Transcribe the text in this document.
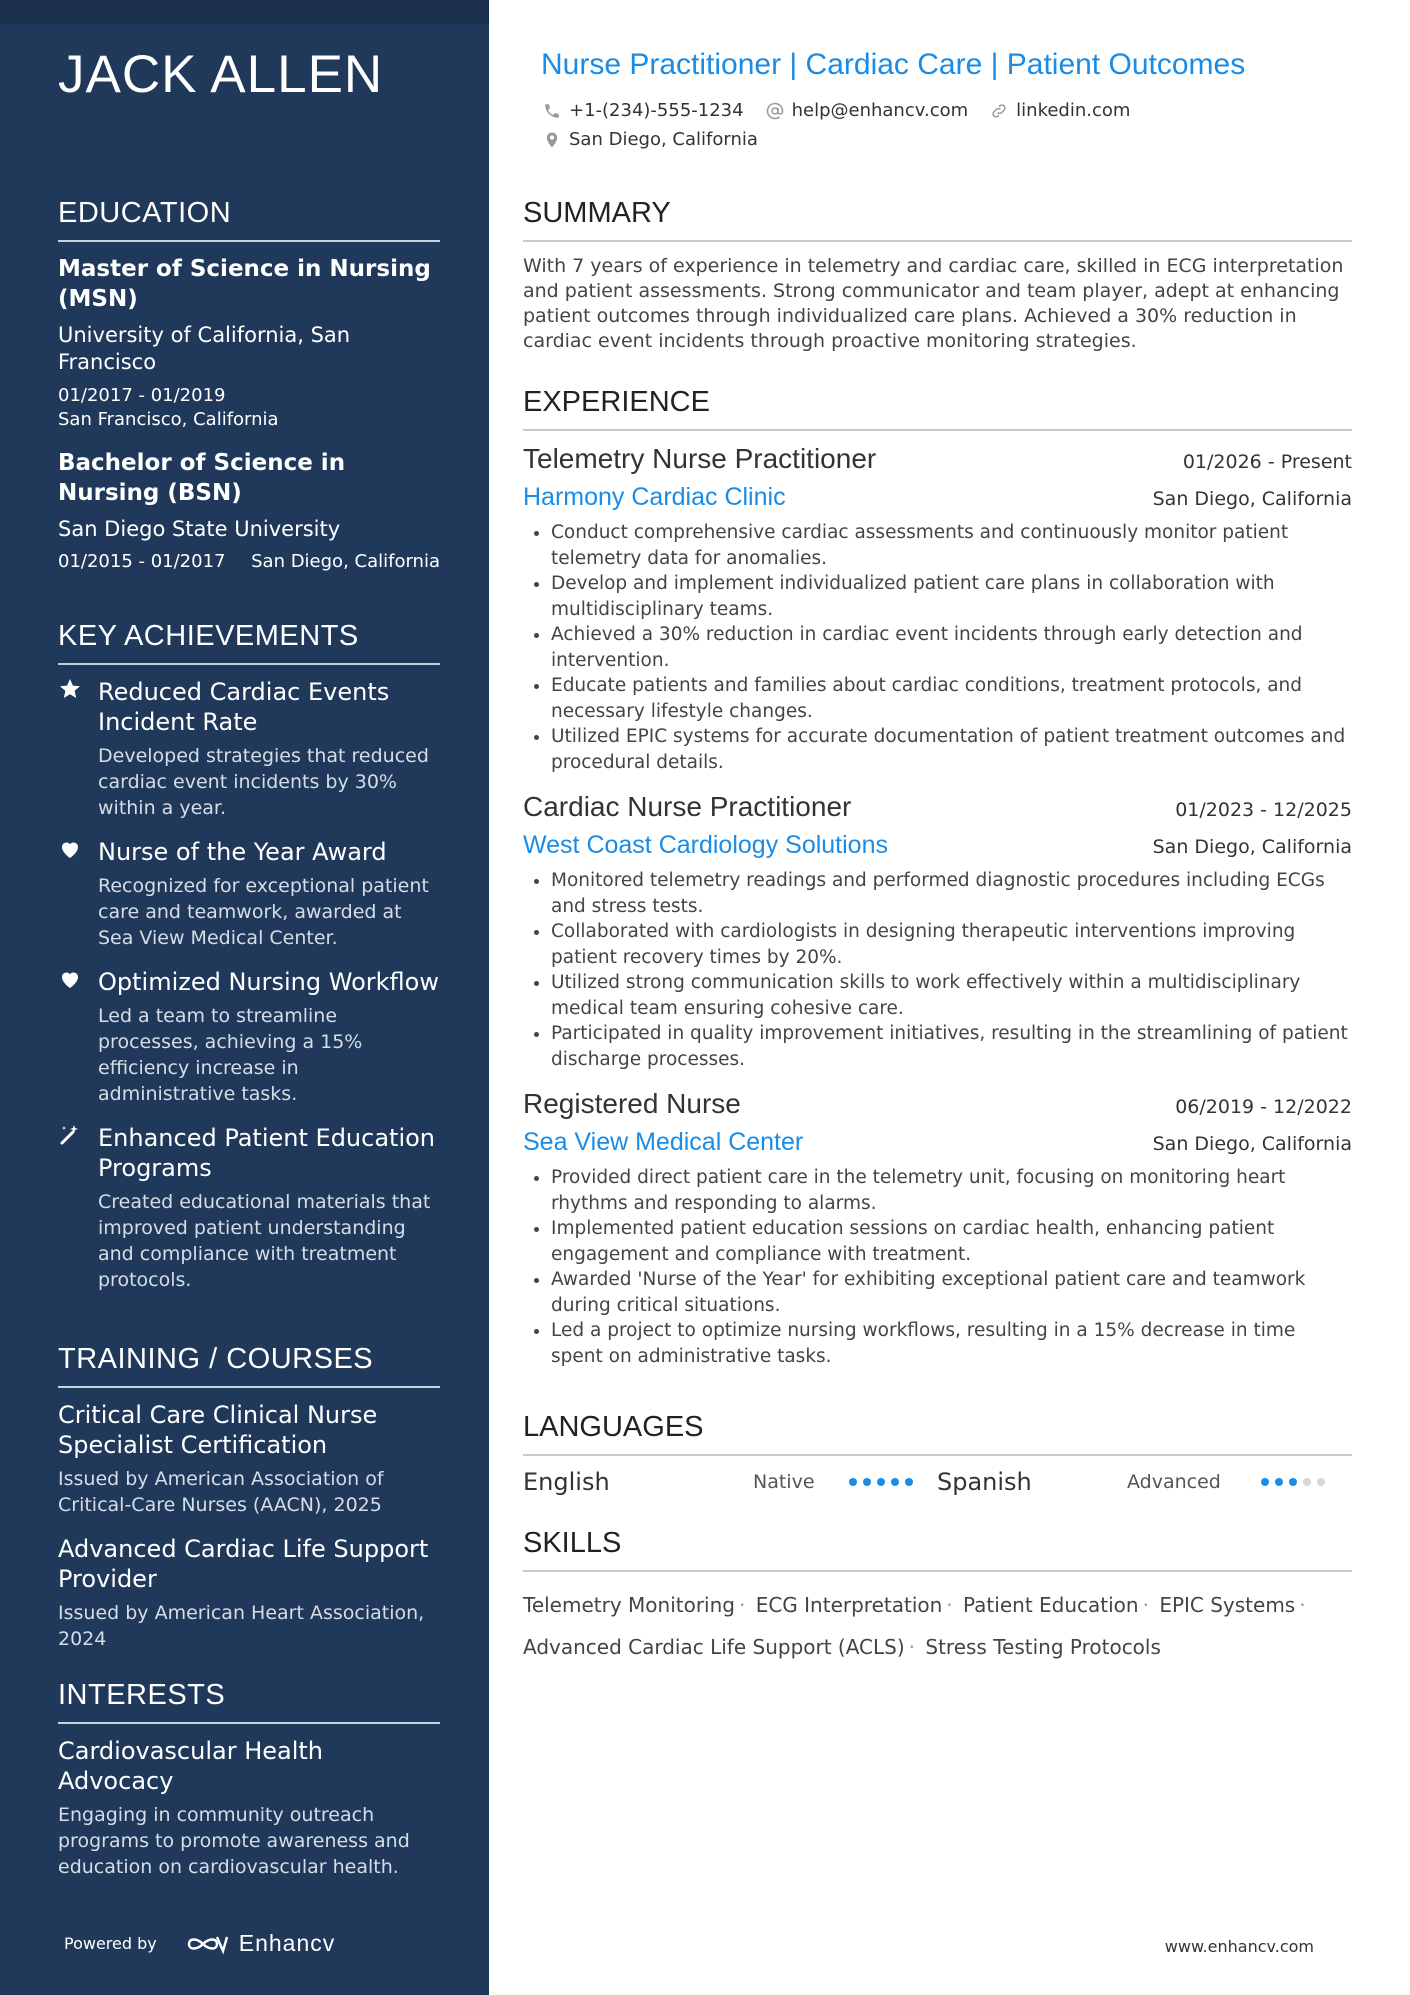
JACK ALLEN
EDUCATION
Master of Science in Nursing (MSN)
University of California, San Francisco
01/2017 - 01/2019
San Francisco, California
Bachelor of Science in Nursing (BSN)
San Diego State University
01/2015 - 01/2017 San Diego, California
KEY ACHIEVEMENTS
Reduced Cardiac Events Incident Rate
Developed strategies that reduced cardiac event incidents by 30% within a year.
Nurse of the Year Award
Recognized for exceptional patient care and teamwork, awarded at Sea View Medical Center.
Optimized Nursing Workflow
Led a team to streamline processes, achieving a 15% efficiency increase in administrative tasks.
Enhanced Patient Education Programs
Created educational materials that improved patient understanding and compliance with treatment protocols.
TRAINING / COURSES
Critical Care Clinical Nurse Specialist Certification
Issued by American Association of Critical-Care Nurses (AACN), 2025
Advanced Cardiac Life Support Provider
Issued by American Heart Association, 2024
INTERESTS
Cardiovascular Health Advocacy
Engaging in community outreach programs to promote awareness and education on cardiovascular health.
Powered by	Enhancv
Nurse Practitioner | Cardiac Care | Patient Outcomes
+1-(234)-555-1234	help@enhancv.com	linkedin.com
San Diego, California
SUMMARY
With 7 years of experience in telemetry and cardiac care, skilled in ECG interpretation and patient assessments. Strong communicator and team player, adept at enhancing patient outcomes through individualized care plans. Achieved a 30% reduction in cardiac event incidents through proactive monitoring strategies.
EXPERIENCE
Telemetry Nurse Practitioner	01/2026 - Present
Harmony Cardiac Clinic	San Diego, California
• Conduct comprehensive cardiac assessments and continuously monitor patient telemetry data for anomalies.
• Develop and implement individualized patient care plans in collaboration with multidisciplinary teams.
• Achieved a 30% reduction in cardiac event incidents through early detection and intervention.
• Educate patients and families about cardiac conditions, treatment protocols, and necessary lifestyle changes.
• Utilized EPIC systems for accurate documentation of patient treatment outcomes and procedural details.
Cardiac Nurse Practitioner	01/2023 - 12/2025
West Coast Cardiology Solutions	San Diego, California
• Monitored telemetry readings and performed diagnostic procedures including ECGs and stress tests.
• Collaborated with cardiologists in designing therapeutic interventions improving patient recovery times by 20%.
• Utilized strong communication skills to work effectively within a multidisciplinary medical team ensuring cohesive care.
• Participated in quality improvement initiatives, resulting in the streamlining of patient discharge processes.
Registered Nurse	06/2019 - 12/2022
Sea View Medical Center	San Diego, California
• Provided direct patient care in the telemetry unit, focusing on monitoring heart rhythms and responding to alarms.
• Implemented patient education sessions on cardiac health, enhancing patient engagement and compliance with treatment.
• Awarded 'Nurse of the Year' for exhibiting exceptional patient care and teamwork during critical situations.
• Led a project to optimize nursing workflows, resulting in a 15% decrease in time spent on administrative tasks.
LANGUAGES
English	Native	Spanish	Advanced
SKILLS
Telemetry Monitoring · ECG Interpretation · Patient Education · EPIC Systems ·
Advanced Cardiac Life Support (ACLS) · Stress Testing Protocols
www.enhancv.com
